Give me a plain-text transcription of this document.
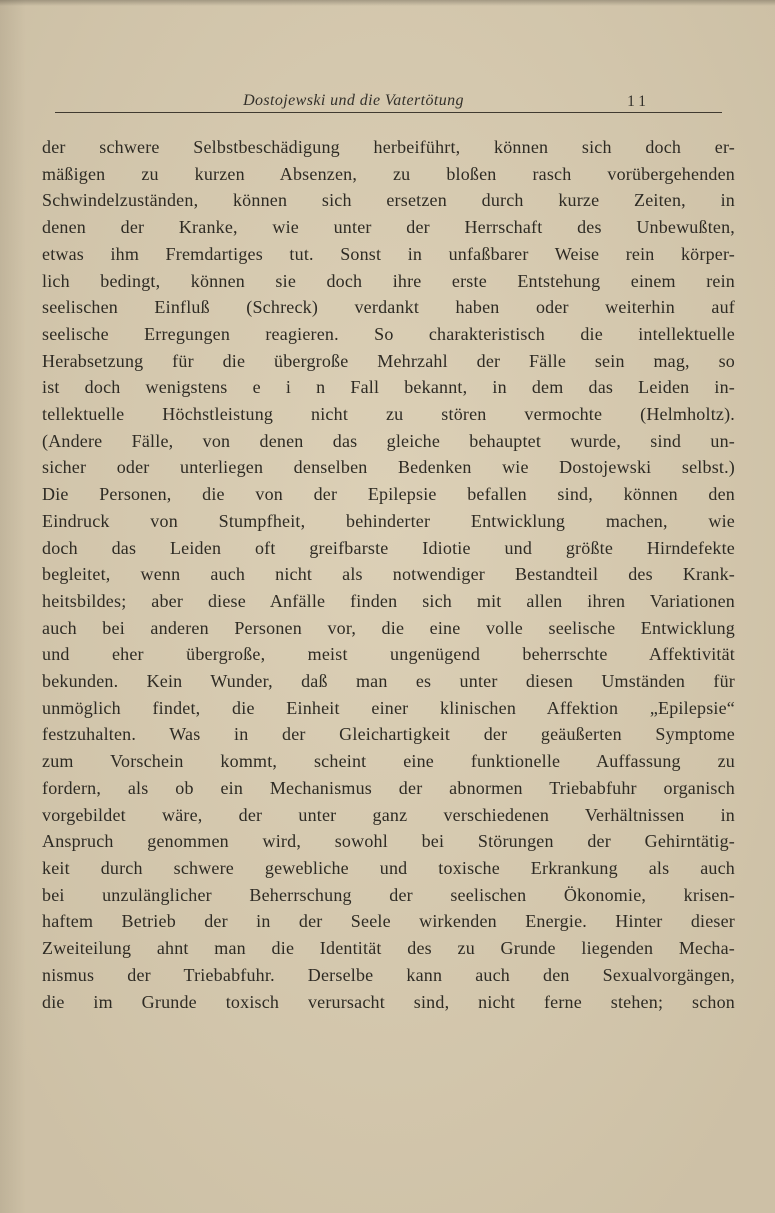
Dostojewski und die Vatertötung	11
der schwere Selbstbeschädigung herbeiführt, können sich doch er-
mäßigen zu kurzen Absenzen, zu bloßen rasch vorübergehenden
Schwindelzuständen, können sich ersetzen durch kurze Zeiten, in
denen der Kranke, wie unter der Herrschaft des Unbewußten,
etwas ihm Fremdartiges tut. Sonst in unfaßbarer Weise rein körper-
lich bedingt, können sie doch ihre erste Entstehung einem rein
seelischen Einfluß (Schreck) verdankt haben oder weiterhin auf
seelische Erregungen reagieren. So charakteristisch die intellektuelle
Herabsetzung für die übergroße Mehrzahl der Fälle sein mag, so
ist doch wenigstens e i n Fall bekannt, in dem das Leiden in-
tellektuelle Höchstleistung nicht zu stören vermochte (Helmholtz).
(Andere Fälle, von denen das gleiche behauptet wurde, sind un-
sicher oder unterliegen denselben Bedenken wie Dostojewski selbst.)
Die Personen, die von der Epilepsie befallen sind, können den
Eindruck von Stumpfheit, behinderter Entwicklung machen, wie
doch das Leiden oft greifbarste Idiotie und größte Hirndefekte
begleitet, wenn auch nicht als notwendiger Bestandteil des Krank-
heitsbildes; aber diese Anfälle finden sich mit allen ihren Variationen
auch bei anderen Personen vor, die eine volle seelische Entwicklung
und eher übergroße, meist ungenügend beherrschte Affektivität
bekunden. Kein Wunder, daß man es unter diesen Umständen für
unmöglich findet, die Einheit einer klinischen Affektion „Epilepsie“
festzuhalten. Was in der Gleichartigkeit der geäußerten Symptome
zum Vorschein kommt, scheint eine funktionelle Auffassung zu
fordern, als ob ein Mechanismus der abnormen Triebabfuhr organisch
vorgebildet wäre, der unter ganz verschiedenen Verhältnissen in
Anspruch genommen wird, sowohl bei Störungen der Gehirntätig-
keit durch schwere gewebliche und toxische Erkrankung als auch
bei unzulänglicher Beherrschung der seelischen Ökonomie, krisen-
haftem Betrieb der in der Seele wirkenden Energie. Hinter dieser
Zweiteilung ahnt man die Identität des zu Grunde liegenden Mecha-
nismus der Triebabfuhr. Derselbe kann auch den Sexualvorgängen,
die im Grunde toxisch verursacht sind, nicht ferne stehen; schon
